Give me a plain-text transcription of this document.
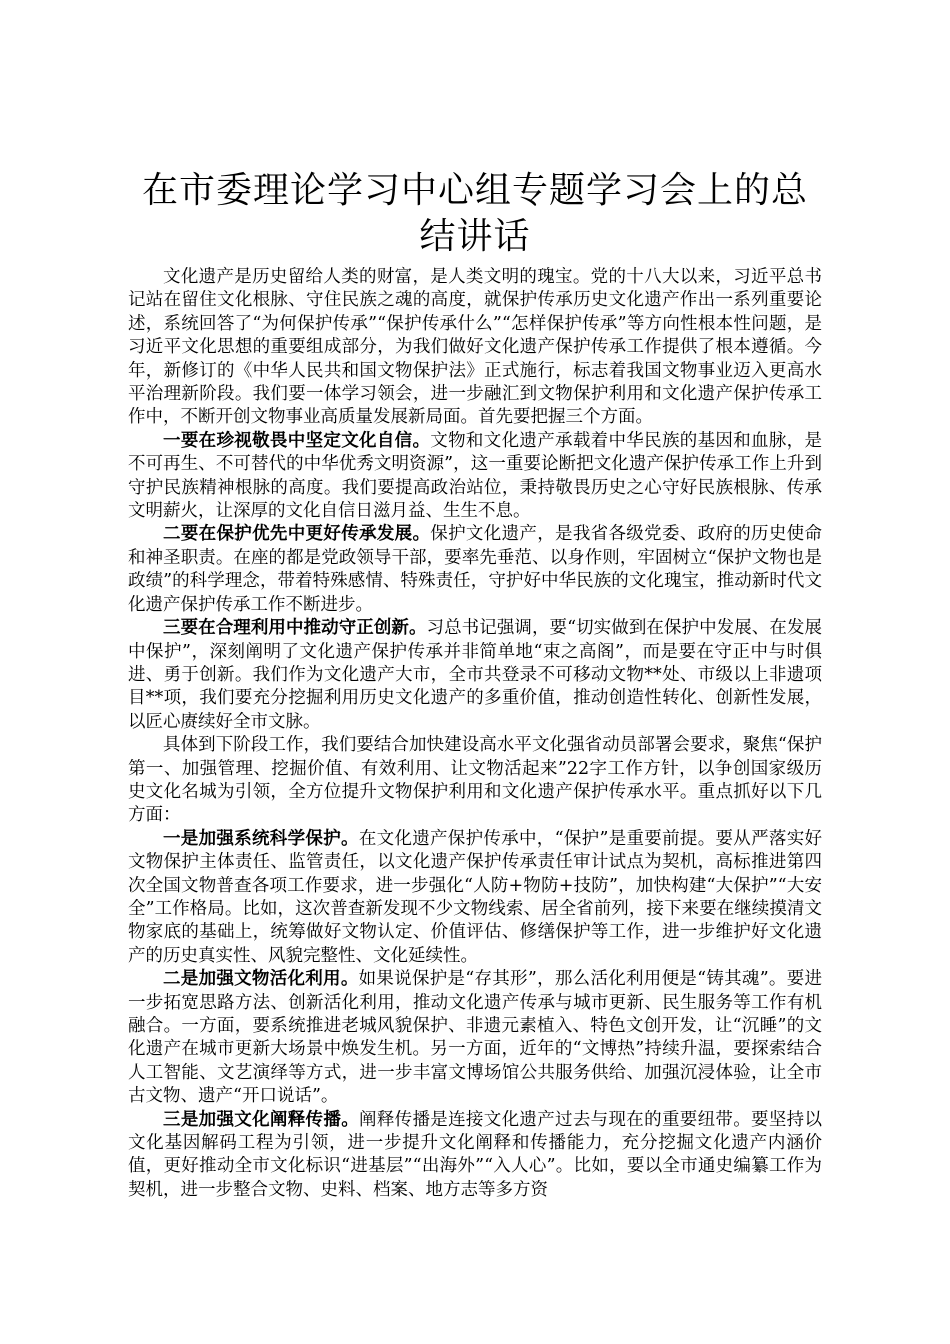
在市委理论学习中心组专题学习会上的总结讲话

文化遗产是历史留给人类的财富，是人类文明的瑰宝。党的十八大以来，习近平总书记站在留住文化根脉、守住民族之魂的高度，就保护传承历史文化遗产作出一系列重要论述，系统回答了“为何保护传承”“保护传承什么”“怎样保护传承”等方向性根本性问题，是习近平文化思想的重要组成部分，为我们做好文化遗产保护传承工作提供了根本遵循。今年，新修订的《中华人民共和国文物保护法》正式施行，标志着我国文物事业迈入更高水平治理新阶段。我们要一体学习领会，进一步融汇到文物保护利用和文化遗产保护传承工作中，不断开创文物事业高质量发展新局面。首先要把握三个方面。

一要在珍视敬畏中坚定文化自信。文物和文化遗产承载着中华民族的基因和血脉，是不可再生、不可替代的中华优秀文明资源”，这一重要论断把文化遗产保护传承工作上升到守护民族精神根脉的高度。我们要提高政治站位，秉持敬畏历史之心守好民族根脉、传承文明薪火，让深厚的文化自信日滋月益、生生不息。

二要在保护优先中更好传承发展。保护文化遗产，是我省各级党委、政府的历史使命和神圣职责。在座的都是党政领导干部，要率先垂范、以身作则，牢固树立“保护文物也是政绩”的科学理念，带着特殊感情、特殊责任，守护好中华民族的文化瑰宝，推动新时代文化遗产保护传承工作不断进步。

三要在合理利用中推动守正创新。习总书记强调，要“切实做到在保护中发展、在发展中保护”，深刻阐明了文化遗产保护传承并非简单地“束之高阁”，而是要在守正中与时俱进、勇于创新。我们作为文化遗产大市，全市共登录不可移动文物**处、市级以上非遗项目**项，我们要充分挖掘利用历史文化遗产的多重价值，推动创造性转化、创新性发展，以匠心赓续好全市文脉。

具体到下阶段工作，我们要结合加快建设高水平文化强省动员部署会要求，聚焦“保护第一、加强管理、挖掘价值、有效利用、让文物活起来”22字工作方针，以争创国家级历史文化名城为引领，全方位提升文物保护利用和文化遗产保护传承水平。重点抓好以下几方面：

一是加强系统科学保护。在文化遗产保护传承中，“保护”是重要前提。要从严落实好文物保护主体责任、监管责任，以文化遗产保护传承责任审计试点为契机，高标推进第四次全国文物普查各项工作要求，进一步强化“人防+物防+技防”，加快构建“大保护”“大安全”工作格局。比如，这次普查新发现不少文物线索、居全省前列，接下来要在继续摸清文物家底的基础上，统筹做好文物认定、价值评估、修缮保护等工作，进一步维护好文化遗产的历史真实性、风貌完整性、文化延续性。

二是加强文物活化利用。如果说保护是“存其形”，那么活化利用便是“铸其魂”。要进一步拓宽思路方法、创新活化利用，推动文化遗产传承与城市更新、民生服务等工作有机融合。一方面，要系统推进老城风貌保护、非遗元素植入、特色文创开发，让“沉睡”的文化遗产在城市更新大场景中焕发生机。另一方面，近年的“文博热”持续升温，要探索结合人工智能、文艺演绎等方式，进一步丰富文博场馆公共服务供给、加强沉浸体验，让全市古文物、遗产“开口说话”。

三是加强文化阐释传播。阐释传播是连接文化遗产过去与现在的重要纽带。要坚持以文化基因解码工程为引领，进一步提升文化阐释和传播能力，充分挖掘文化遗产内涵价值，更好推动全市文化标识“进基层”“出海外”“入人心”。比如，要以全市通史编纂工作为契机，进一步整合文物、史料、档案、地方志等多方资
